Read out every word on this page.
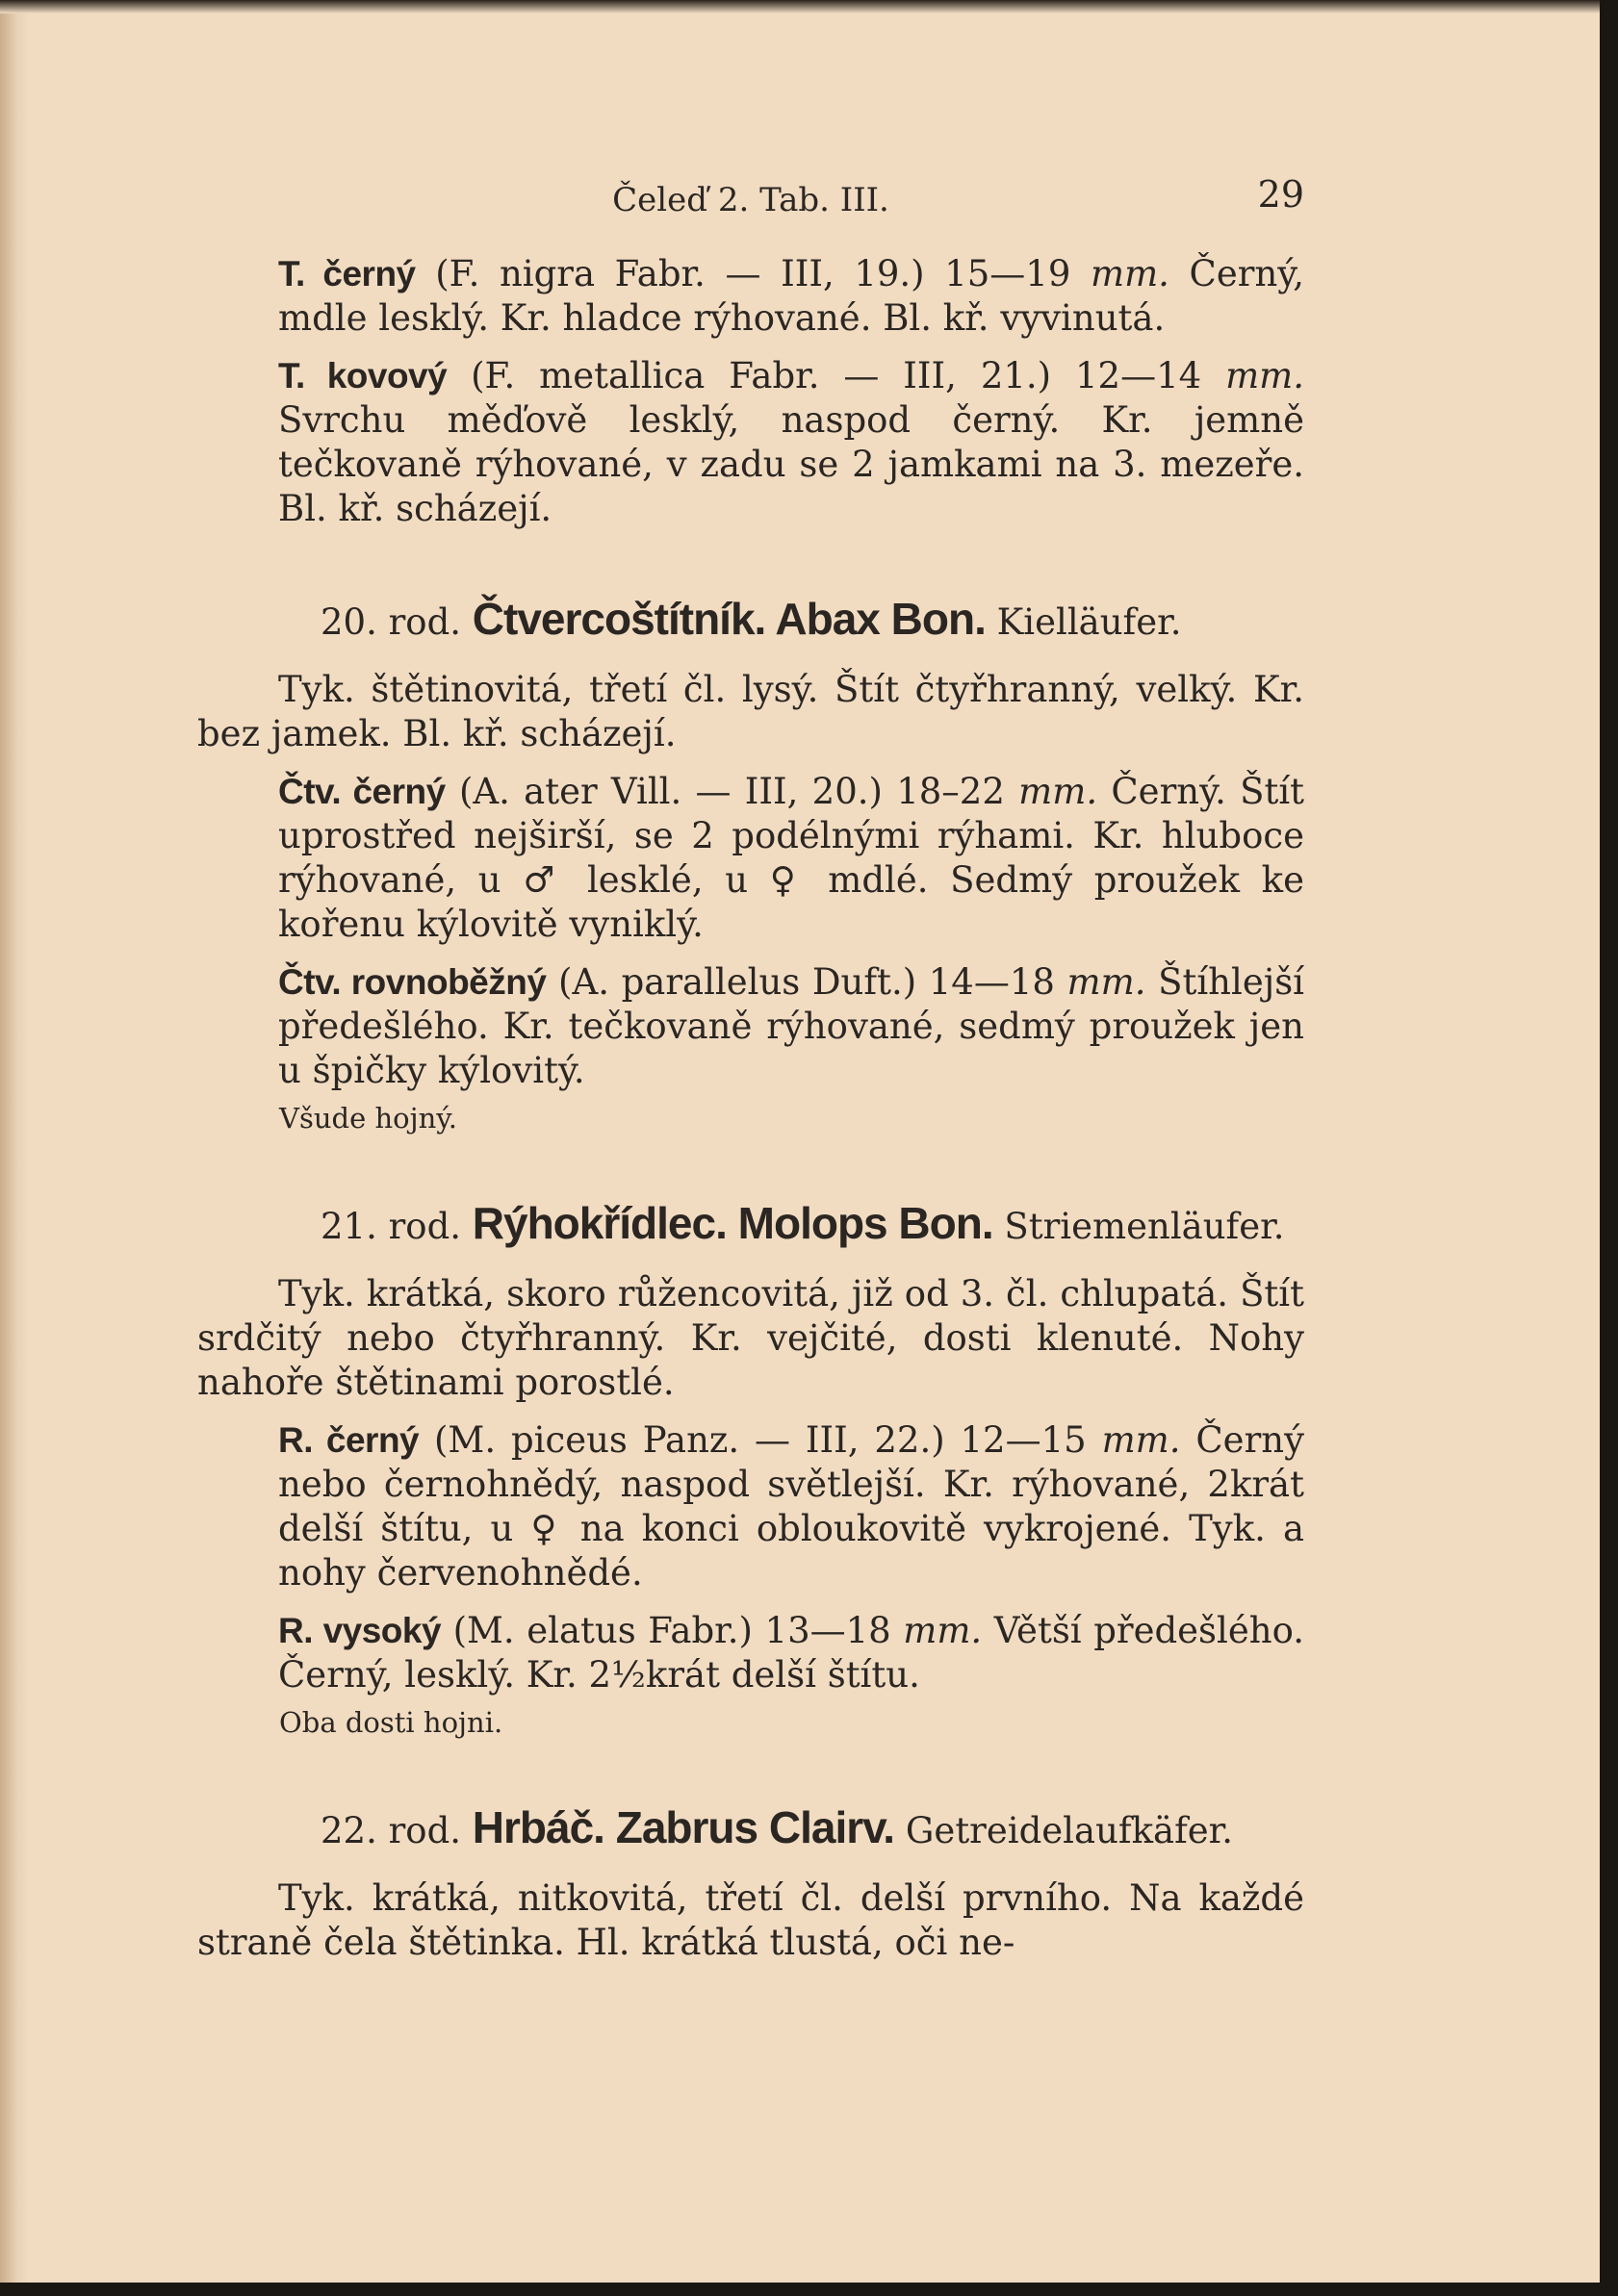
Čeleď 2. Tab. III.	29

T. černý (F. nigra Fabr. — III, 19.) 15—19 mm. Černý, mdle lesklý. Kr. hladce rýhované. Bl. kř. vyvinutá.

T. kovový (F. metallica Fabr. — III, 21.) 12—14 mm. Svrchu měďově lesklý, naspod černý. Kr. jemně tečkovaně rýhované, v zadu se 2 jamkami na 3. mezeře. Bl. kř. scházejí.

20. rod. Čtvercoštítník. Abax Bon. Kielläufer.

Tyk. štětinovitá, třetí čl. lysý. Štít čtyřhranný, velký. Kr. bez jamek. Bl. kř. scházejí.

Čtv. černý (A. ater Vill. — III, 20.) 18–22 mm. Černý. Štít uprostřed nejširší, se 2 podélnými rýhami. Kr. hluboce rýhované, u ♂ lesklé, u ♀ mdlé. Sedmý proužek ke kořenu kýlovitě vyniklý.

Čtv. rovnoběžný (A. parallelus Duft.) 14—18 mm. Štíhlejší předešlého. Kr. tečkovaně rýhované, sedmý proužek jen u špičky kýlovitý.

Všude hojný.

21. rod. Rýhokřídlec. Molops Bon. Striemenläufer.

Tyk. krátká, skoro růžencovitá, již od 3. čl. chlupatá. Štít srdčitý nebo čtyřhranný. Kr. vejčité, dosti klenuté. Nohy nahoře štětinami porostlé.

R. černý (M. piceus Panz. — III, 22.) 12—15 mm. Černý nebo černohnědý, naspod světlejší. Kr. rýhované, 2krát delší štítu, u ♀ na konci obloukovitě vykrojené. Tyk. a nohy červenohnědé.

R. vysoký (M. elatus Fabr.) 13—18 mm. Větší předešlého. Černý, lesklý. Kr. 2½krát delší štítu.

Oba dosti hojni.

22. rod. Hrbáč. Zabrus Clairv. Getreidelaufkäfer.

Tyk. krátká, nitkovitá, třetí čl. delší prvního. Na každé straně čela štětinka. Hl. krátká tlustá, oči ne-
